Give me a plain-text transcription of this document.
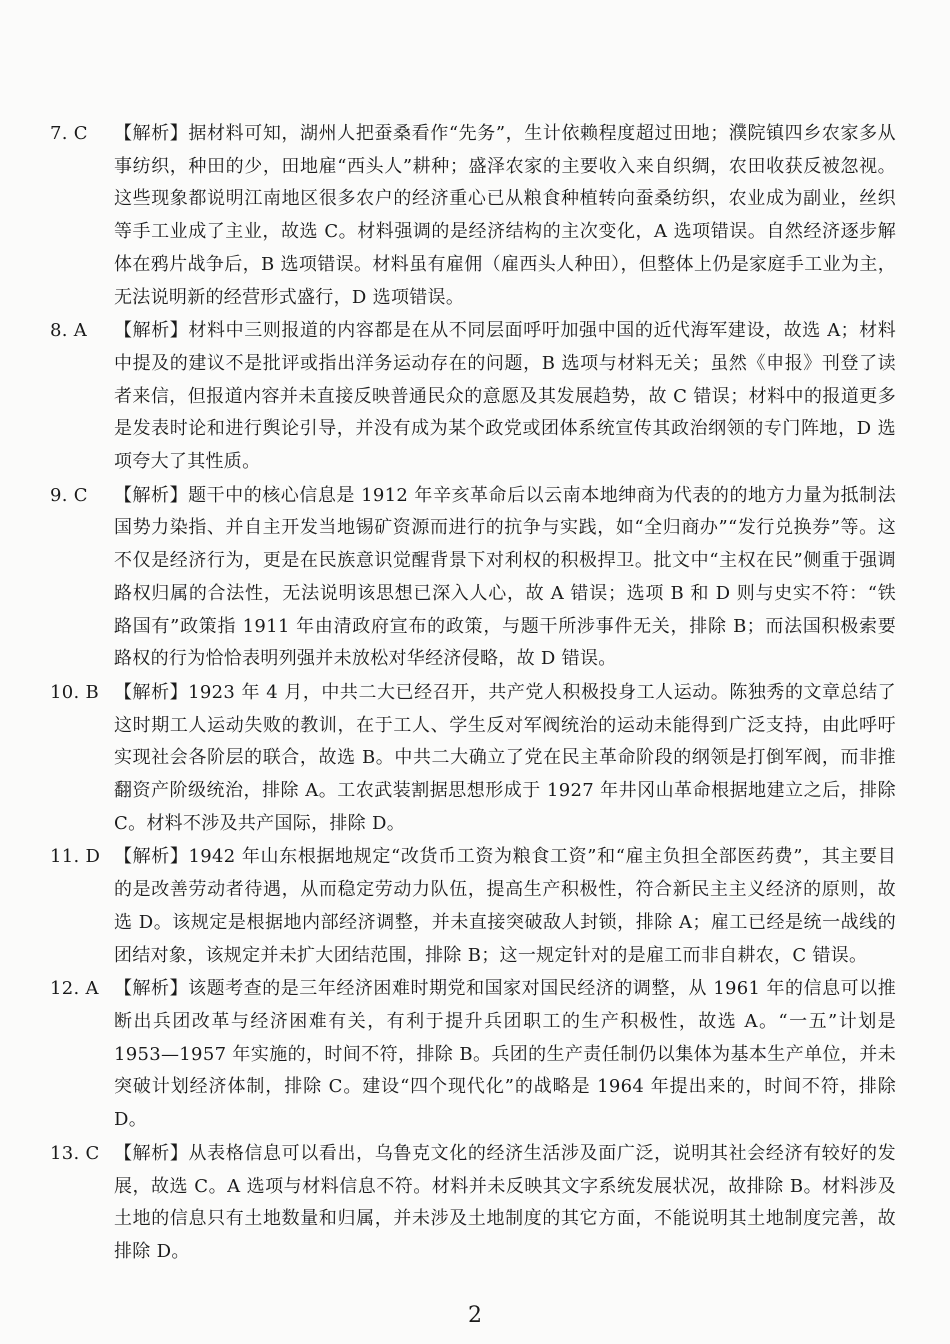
7. C	【解析】据材料可知，湖州人把蚕桑看作“先务”，生计依赖程度超过田地；濮院镇四乡农家多从事纺织，种田的少，田地雇“西头人”耕种；盛泽农家的主要收入来自织绸，农田收获反被忽视。这些现象都说明江南地区很多农户的经济重心已从粮食种植转向蚕桑纺织，农业成为副业，丝织等手工业成了主业，故选 C。材料强调的是经济结构的主次变化，A 选项错误。自然经济逐步解体在鸦片战争后，B 选项错误。材料虽有雇佣（雇西头人种田），但整体上仍是家庭手工业为主，无法说明新的经营形式盛行，D 选项错误。
8. A	【解析】材料中三则报道的内容都是在从不同层面呼吁加强中国的近代海军建设，故选 A；材料中提及的建议不是批评或指出洋务运动存在的问题，B 选项与材料无关；虽然《申报》刊登了读者来信，但报道内容并未直接反映普通民众的意愿及其发展趋势，故 C 错误；材料中的报道更多是发表时论和进行舆论引导，并没有成为某个政党或团体系统宣传其政治纲领的专门阵地，D 选项夸大了其性质。
9. C	【解析】题干中的核心信息是 1912 年辛亥革命后以云南本地绅商为代表的的地方力量为抵制法国势力染指、并自主开发当地锡矿资源而进行的抗争与实践，如“全归商办”“发行兑换券”等。这不仅是经济行为，更是在民族意识觉醒背景下对利权的积极捍卫。批文中“主权在民”侧重于强调路权归属的合法性，无法说明该思想已深入人心，故 A 错误；选项 B 和 D 则与史实不符：“铁路国有”政策指 1911 年由清政府宣布的政策，与题干所涉事件无关，排除 B；而法国积极索要路权的行为恰恰表明列强并未放松对华经济侵略，故 D 错误。
10. B 【解析】1923 年 4 月，中共二大已经召开，共产党人积极投身工人运动。陈独秀的文章总结了这时期工人运动失败的教训，在于工人、学生反对军阀统治的运动未能得到广泛支持，由此呼吁实现社会各阶层的联合，故选 B。中共二大确立了党在民主革命阶段的纲领是打倒军阀，而非推翻资产阶级统治，排除 A。工农武装割据思想形成于 1927 年井冈山革命根据地建立之后，排除 C。材料不涉及共产国际，排除 D。
11. D 【解析】1942 年山东根据地规定“改货币工资为粮食工资”和“雇主负担全部医药费”，其主要目的是改善劳动者待遇，从而稳定劳动力队伍，提高生产积极性，符合新民主主义经济的原则，故选 D。该规定是根据地内部经济调整，并未直接突破敌人封锁，排除 A；雇工已经是统一战线的团结对象，该规定并未扩大团结范围，排除 B；这一规定针对的是雇工而非自耕农，C 错误。
12. A 【解析】该题考查的是三年经济困难时期党和国家对国民经济的调整，从 1961 年的信息可以推断出兵团改革与经济困难有关，有利于提升兵团职工的生产积极性，故选 A。“一五”计划是 1953—1957 年实施的，时间不符，排除 B。兵团的生产责任制仍以集体为基本生产单位，并未突破计划经济体制，排除 C。建设“四个现代化”的战略是 1964 年提出来的，时间不符，排除 D。
13. C 【解析】从表格信息可以看出，乌鲁克文化的经济生活涉及面广泛，说明其社会经济有较好的发展，故选 C。A 选项与材料信息不符。材料并未反映其文字系统发展状况，故排除 B。材料涉及土地的信息只有土地数量和归属，并未涉及土地制度的其它方面，不能说明其土地制度完善，故排除 D。
2
